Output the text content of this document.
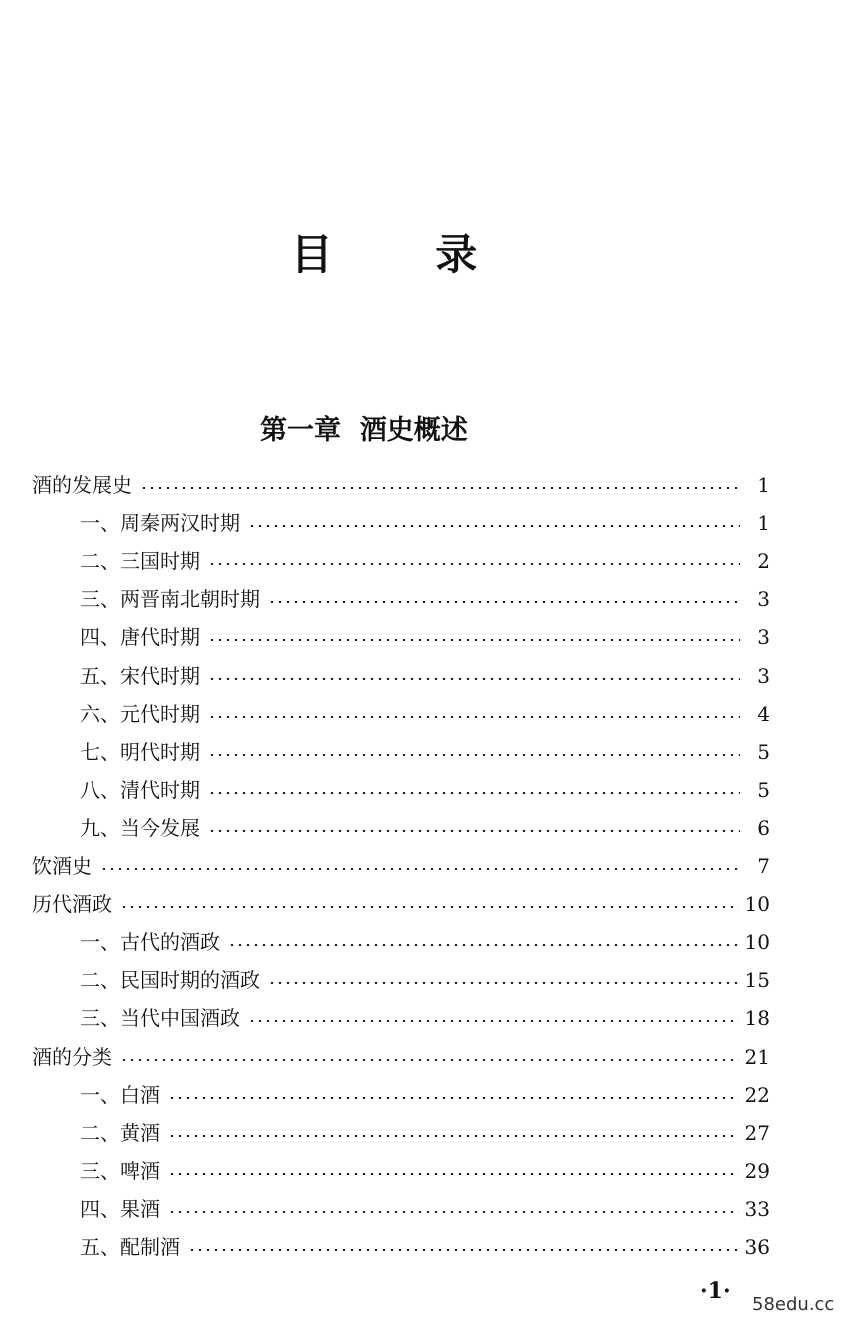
目 录
第一章  酒史概述
酒的发展史	1
一、周秦两汉时期	1
二、三国时期	2
三、两晋南北朝时期	3
四、唐代时期	3
五、宋代时期	3
六、元代时期	4
七、明代时期	5
八、清代时期	5
九、当今发展	6
饮酒史	7
历代酒政	10
一、古代的酒政	10
二、民国时期的酒政	15
三、当代中国酒政	18
酒的分类	21
一、白酒	22
二、黄酒	27
三、啤酒	29
四、果酒	33
五、配制酒	36
·1·
58edu.cc
